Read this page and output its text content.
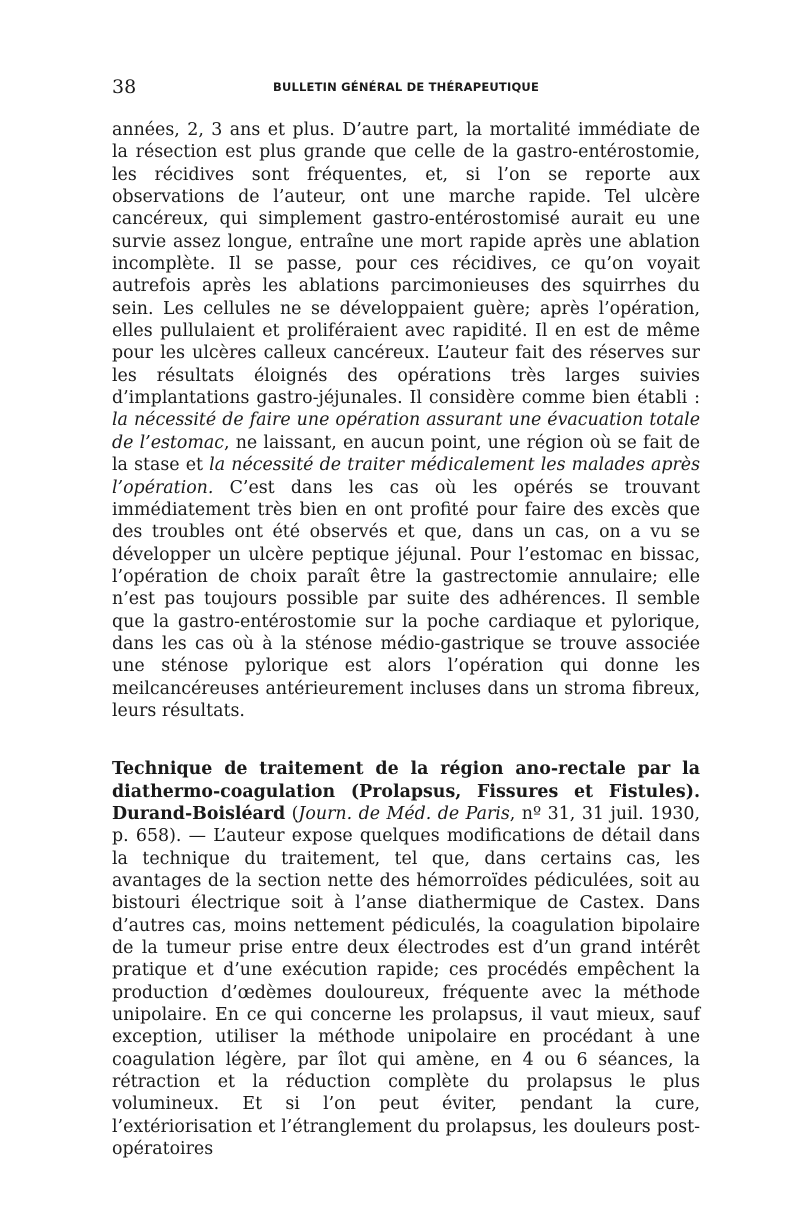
38	BULLETIN GÉNÉRAL DE THÉRAPEUTIQUE

années, 2, 3 ans et plus. D’autre part, la mortalité immédiate de la résection est plus grande que celle de la gastro-entérostomie, les récidives sont fréquentes, et, si l’on se reporte aux observations de l’auteur, ont une marche rapide. Tel ulcère cancéreux, qui simplement gastro-entérostomisé aurait eu une survie assez longue, entraîne une mort rapide après une ablation incomplète. Il se passe, pour ces récidives, ce qu’on voyait autrefois après les ablations parcimonieuses des squirrhes du sein. Les cellules ne se développaient guère; après l’opération, elles pullulaient et proliféraient avec rapidité. Il en est de même pour les ulcères calleux cancéreux. L’auteur fait des réserves sur les résultats éloignés des opérations très larges suivies d’implantations gastro-jéjunales. Il considère comme bien établi : la nécessité de faire une opération assurant une évacuation totale de l’estomac, ne laissant, en aucun point, une région où se fait de la stase et la nécessité de traiter médicalement les malades après l’opération. C’est dans les cas où les opérés se trouvant immédiatement très bien en ont profité pour faire des excès que des troubles ont été observés et que, dans un cas, on a vu se développer un ulcère peptique jéjunal. Pour l’estomac en bissac, l’opération de choix paraît être la gastrectomie annulaire; elle n’est pas toujours possible par suite des adhérences. Il semble que la gastro-entérostomie sur la poche cardiaque et pylorique, dans les cas où à la sténose médio-gastrique se trouve associée une sténose pylorique est alors l’opération qui donne les meilcancéreuses antérieurement incluses dans un stroma fibreux, leurs résultats.

Technique de traitement de la région ano-rectale par la diathermo-coagulation (Prolapsus, Fissures et Fistules). Durand-Boisléard (Journ. de Méd. de Paris, nº 31, 31 juil. 1930, p. 658). — L’auteur expose quelques modifications de détail dans la technique du traitement, tel que, dans certains cas, les avantages de la section nette des hémorroïdes pédiculées, soit au bistouri électrique soit à l’anse diathermique de Castex. Dans d’autres cas, moins nettement pédiculés, la coagulation bipolaire de la tumeur prise entre deux électrodes est d’un grand intérêt pratique et d’une exécution rapide; ces procédés empêchent la production d’œdèmes douloureux, fréquente avec la méthode unipolaire. En ce qui concerne les prolapsus, il vaut mieux, sauf exception, utiliser la méthode unipolaire en procédant à une coagulation légère, par îlot qui amène, en 4 ou 6 séances, la rétraction et la réduction complète du prolapsus le plus volumineux. Et si l’on peut éviter, pendant la cure, l’extériorisation et l’étranglement du prolapsus, les douleurs post-opératoires
